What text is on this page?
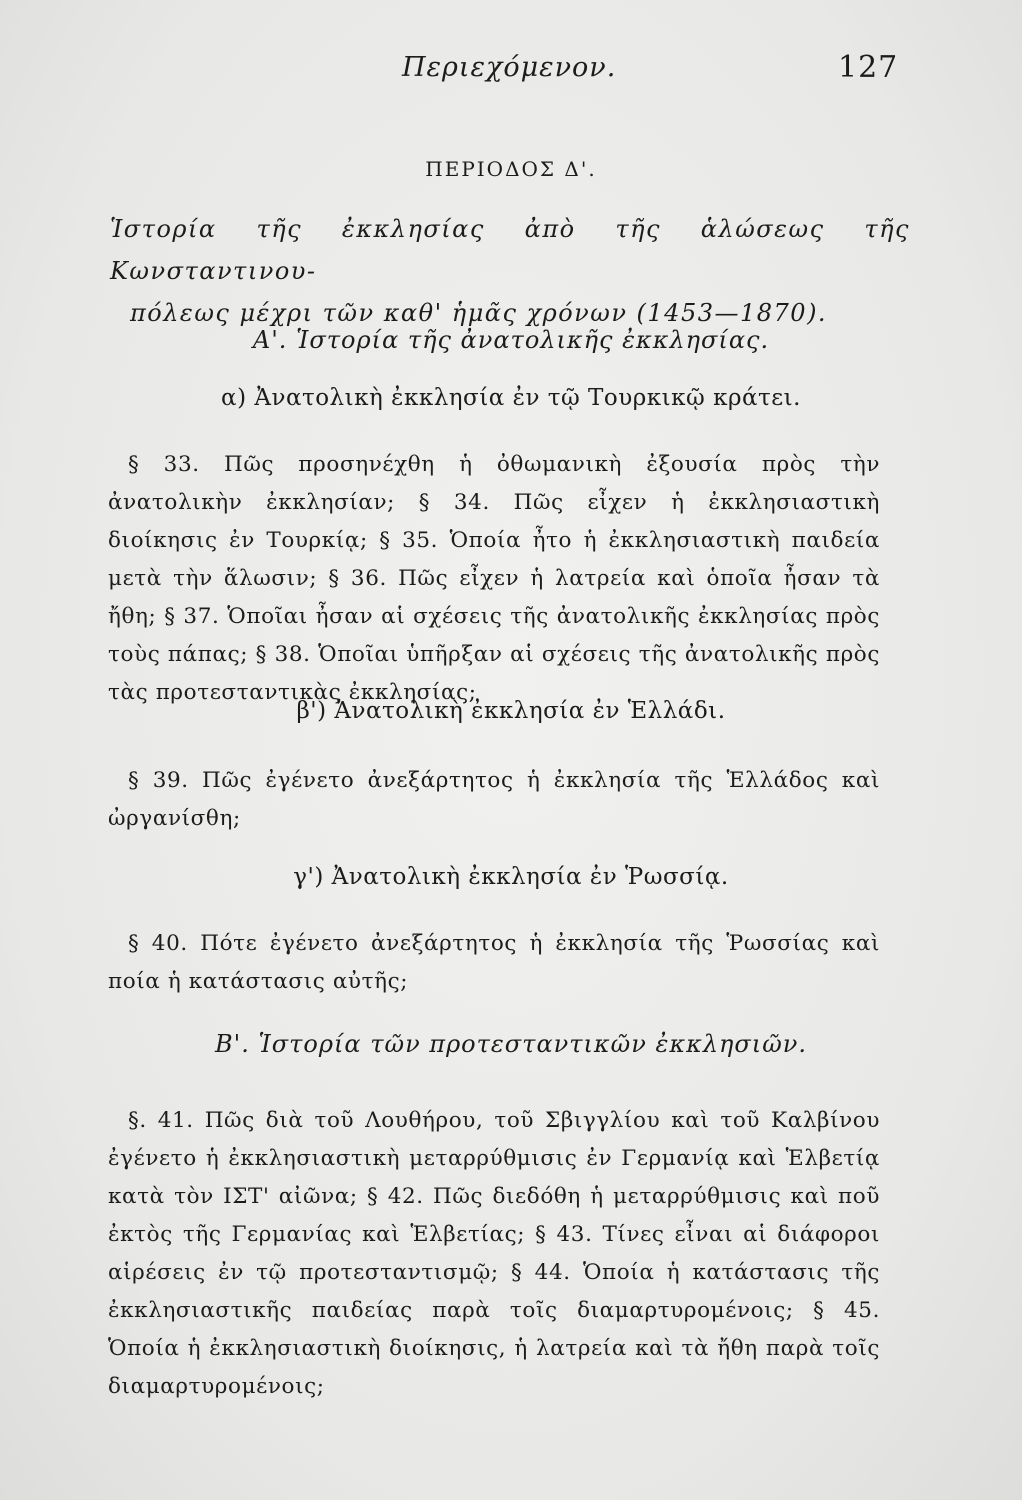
Περιεχόμενον.	127
ΠΕΡΙΟΔΟΣ Δ'.
Ἱστορία τῆς ἐκκλησίας ἀπὸ τῆς ἁλώσεως τῆς Κωνσταντινου-
πόλεως μέχρι τῶν καθ' ἡμᾶς χρόνων (1453—1870).
Α'. Ἱστορία τῆς ἀνατολικῆς ἐκκλησίας.
α) Ἀνατολικὴ ἐκκλησία ἐν τῷ Τουρκικῷ κράτει.

§ 33. Πῶς προσηνέχθη ἡ ὀθωμανικὴ ἐξουσία πρὸς τὴν ἀνατολικὴν ἐκκλησίαν; § 34. Πῶς εἶχεν ἡ ἐκκλησιαστικὴ διοίκησις ἐν Τουρκίᾳ; § 35. Ὁποία ἦτο ἡ ἐκκλησιαστικὴ παιδεία μετὰ τὴν ἅλωσιν; § 36. Πῶς εἶχεν ἡ λατρεία καὶ ὁποῖα ἦσαν τὰ ἤθη; § 37. Ὁποῖαι ἦσαν αἱ σχέσεις τῆς ἀνατολικῆς ἐκκλησίας πρὸς τοὺς πάπας; § 38. Ὁποῖαι ὑπῆρξαν αἱ σχέσεις τῆς ἀνατολικῆς πρὸς τὰς προτεσταντικὰς ἐκκλησίας;

β') Ἀνατολικὴ ἐκκλησία ἐν Ἑλλάδι.

§ 39. Πῶς ἐγένετο ἀνεξάρτητος ἡ ἐκκλησία τῆς Ἑλλάδος καὶ ὠργανίσθη;

γ') Ἀνατολικὴ ἐκκλησία ἐν Ῥωσσίᾳ.

§ 40. Πότε ἐγένετο ἀνεξάρτητος ἡ ἐκκλησία τῆς Ῥωσσίας καὶ ποία ἡ κατάστασις αὐτῆς;

Β'. Ἱστορία τῶν προτεσταντικῶν ἐκκλησιῶν.

§. 41. Πῶς διὰ τοῦ Λουθήρου, τοῦ Σβιγγλίου καὶ τοῦ Καλβίνου ἐγένετο ἡ ἐκκλησιαστικὴ μεταρρύθμισις ἐν Γερμανίᾳ καὶ Ἑλβετίᾳ κατὰ τὸν ΙΣΤ' αἰῶνα; § 42. Πῶς διεδόθη ἡ μεταρρύθμισις καὶ ποῦ ἐκτὸς τῆς Γερμανίας καὶ Ἑλβετίας; § 43. Τίνες εἶναι αἱ διάφοροι αἱρέσεις ἐν τῷ προτεσταντισμῷ; § 44. Ὁποία ἡ κατάστασις τῆς ἐκκλησιαστικῆς παιδείας παρὰ τοῖς διαμαρτυρομένοις; § 45. Ὁποία ἡ ἐκκλησιαστικὴ διοίκησις, ἡ λατρεία καὶ τὰ ἤθη παρὰ τοῖς διαμαρτυρομένοις;
